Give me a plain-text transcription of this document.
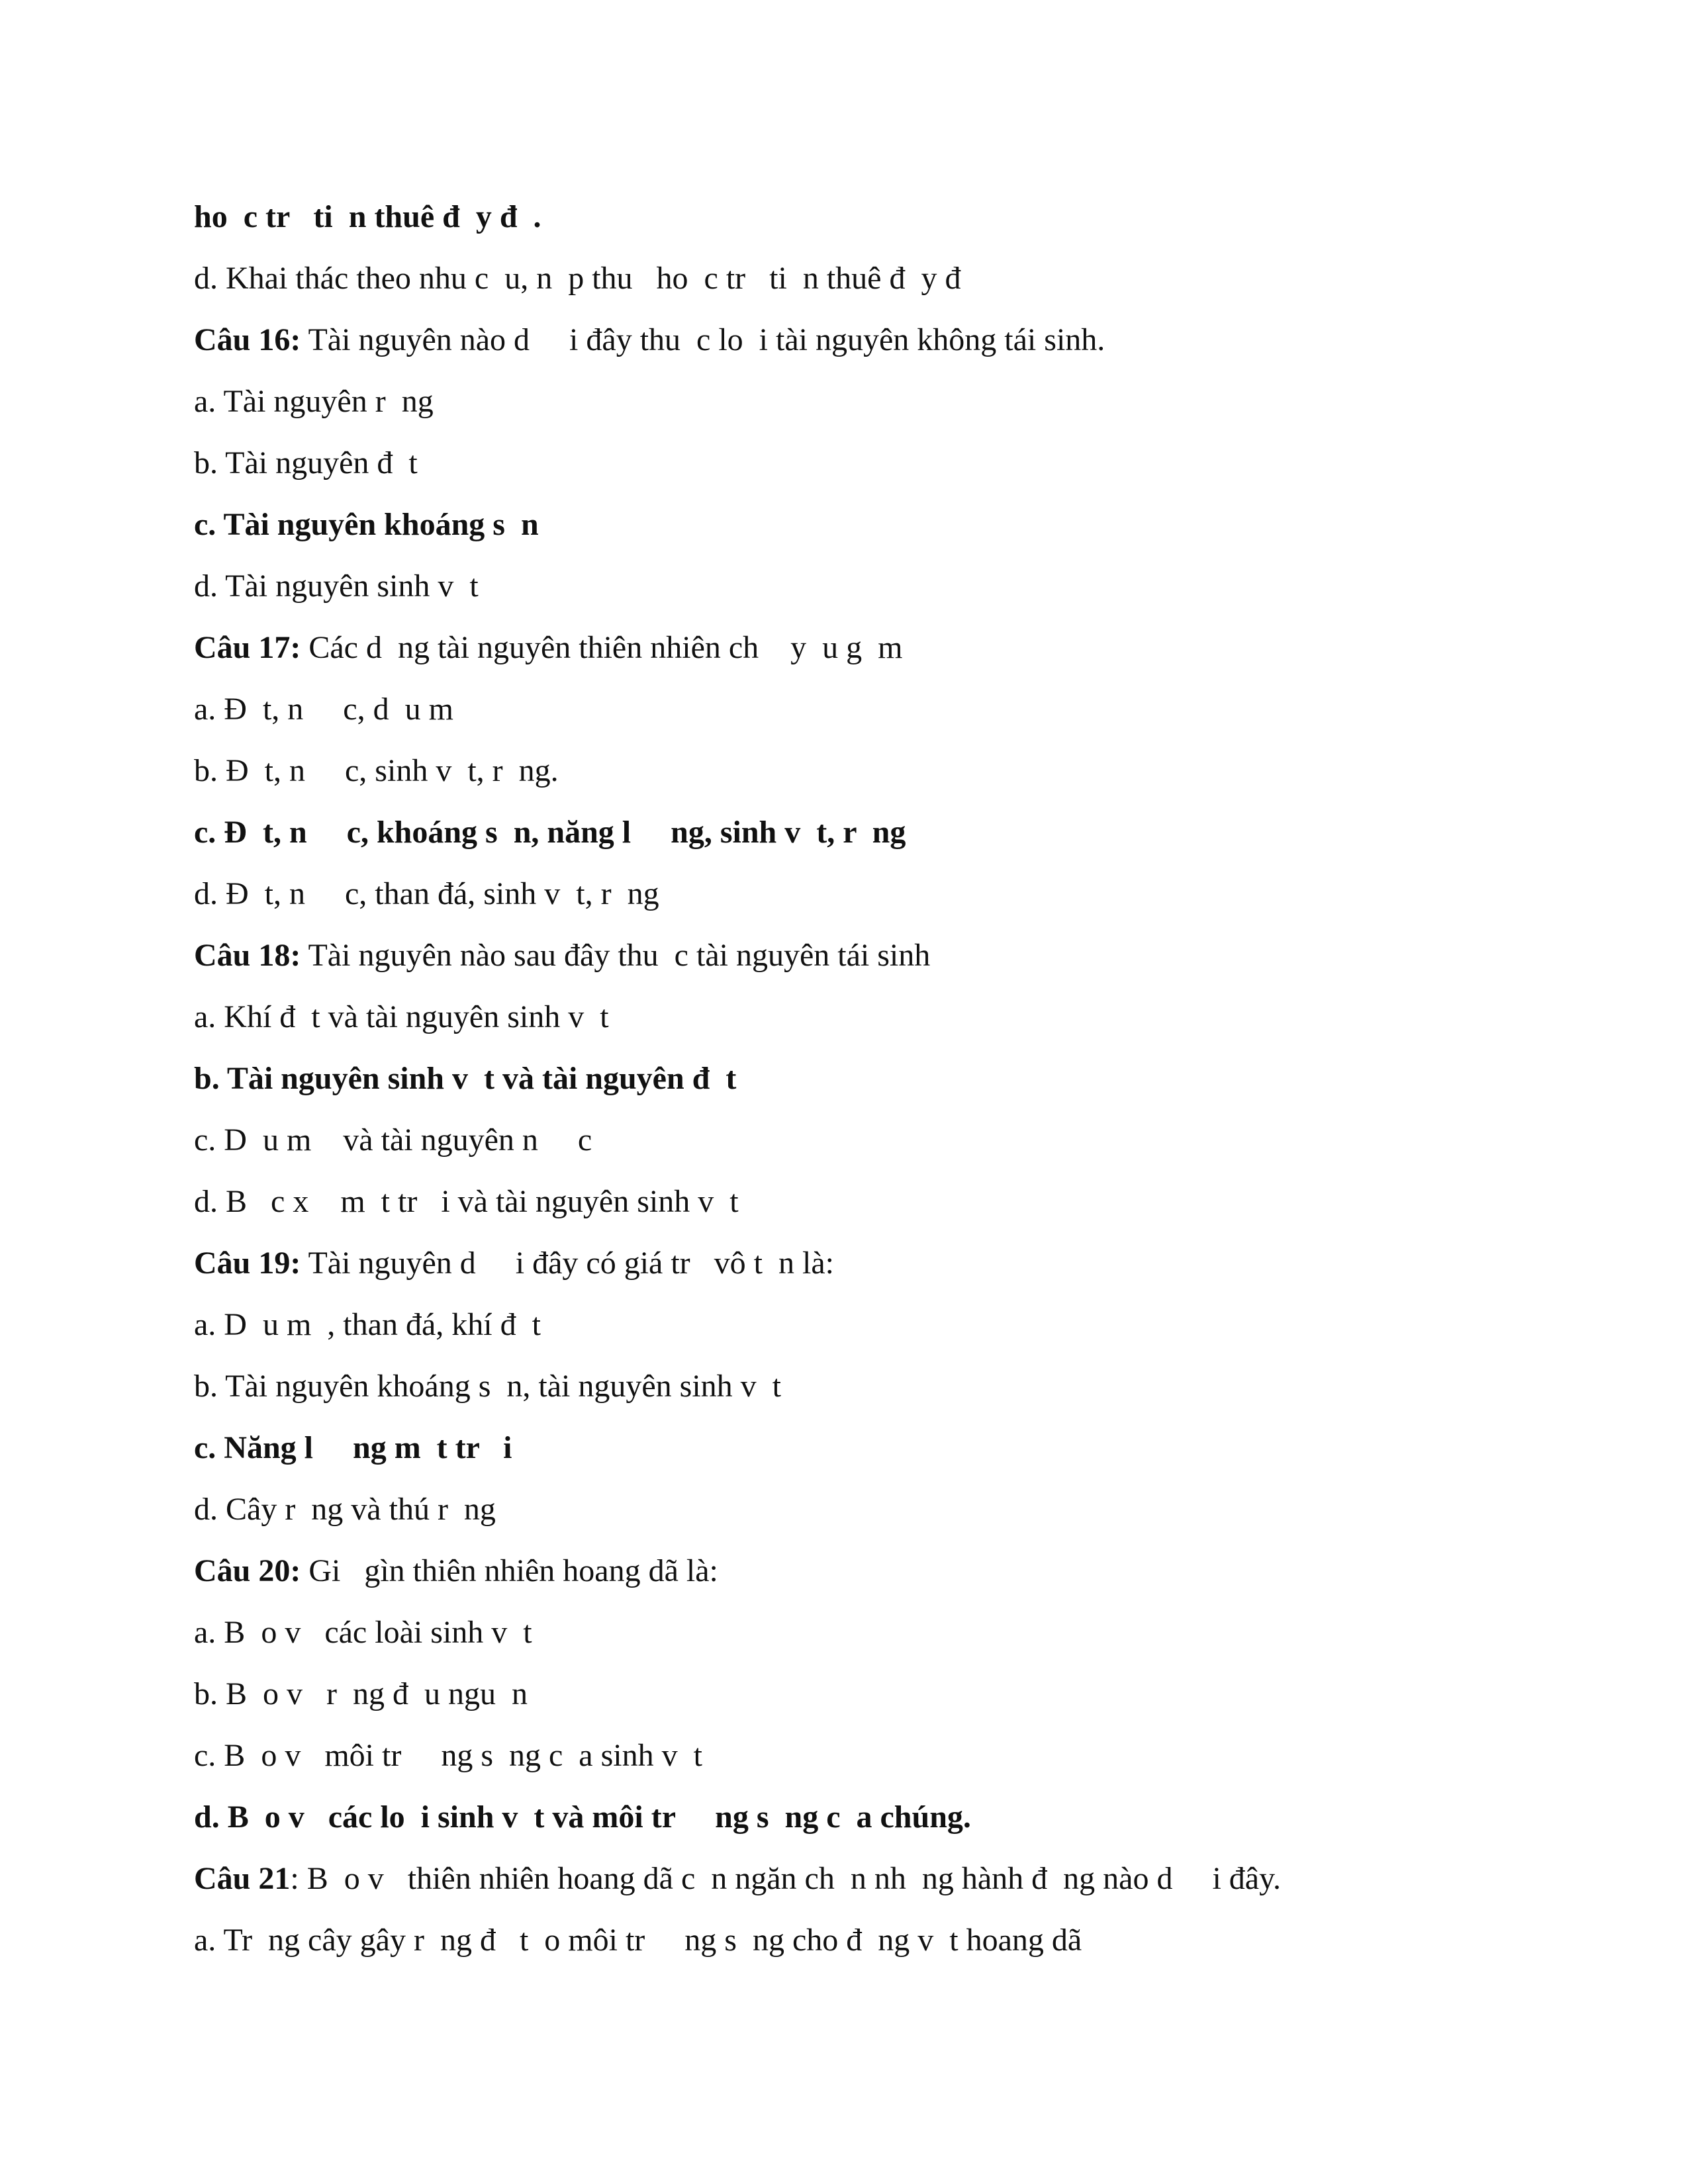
ho  c tr   ti  n thuê đ  y đ  .
d. Khai thác theo nhu c  u, n  p thu   ho  c tr   ti  n thuê đ  y đ
Câu 16: Tài nguyên nào d     i đây thu  c lo  i tài nguyên không tái sinh.
a. Tài nguyên r  ng
b. Tài nguyên đ  t
c. Tài nguyên khoáng s  n
d. Tài nguyên sinh v  t
Câu 17: Các d  ng tài nguyên thiên nhiên ch    y  u g  m
a. Đ  t, n     c, d  u m
b. Đ  t, n     c, sinh v  t, r  ng.
c. Đ  t, n     c, khoáng s  n, năng l     ng, sinh v  t, r  ng
d. Đ  t, n     c, than đá, sinh v  t, r  ng
Câu 18: Tài nguyên nào sau đây thu  c tài nguyên tái sinh
a. Khí đ  t và tài nguyên sinh v  t
b. Tài nguyên sinh v  t và tài nguyên đ  t
c. D  u m    và tài nguyên n     c
d. B   c x    m  t tr   i và tài nguyên sinh v  t
Câu 19: Tài nguyên d     i đây có giá tr   vô t  n là:
a. D  u m  , than đá, khí đ  t
b. Tài nguyên khoáng s  n, tài nguyên sinh v  t
c. Năng l     ng m  t tr   i
d. Cây r  ng và thú r  ng
Câu 20: Gi   gìn thiên nhiên hoang dã là:
a. B  o v   các loài sinh v  t
b. B  o v   r  ng đ  u ngu  n
c. B  o v   môi tr     ng s  ng c  a sinh v  t
d. B  o v   các lo  i sinh v  t và môi tr     ng s  ng c  a chúng.
Câu 21: B  o v   thiên nhiên hoang dã c  n ngăn ch  n nh  ng hành đ  ng nào d     i đây.
a. Tr  ng cây gây r  ng đ   t  o môi tr     ng s  ng cho đ  ng v  t hoang dã
